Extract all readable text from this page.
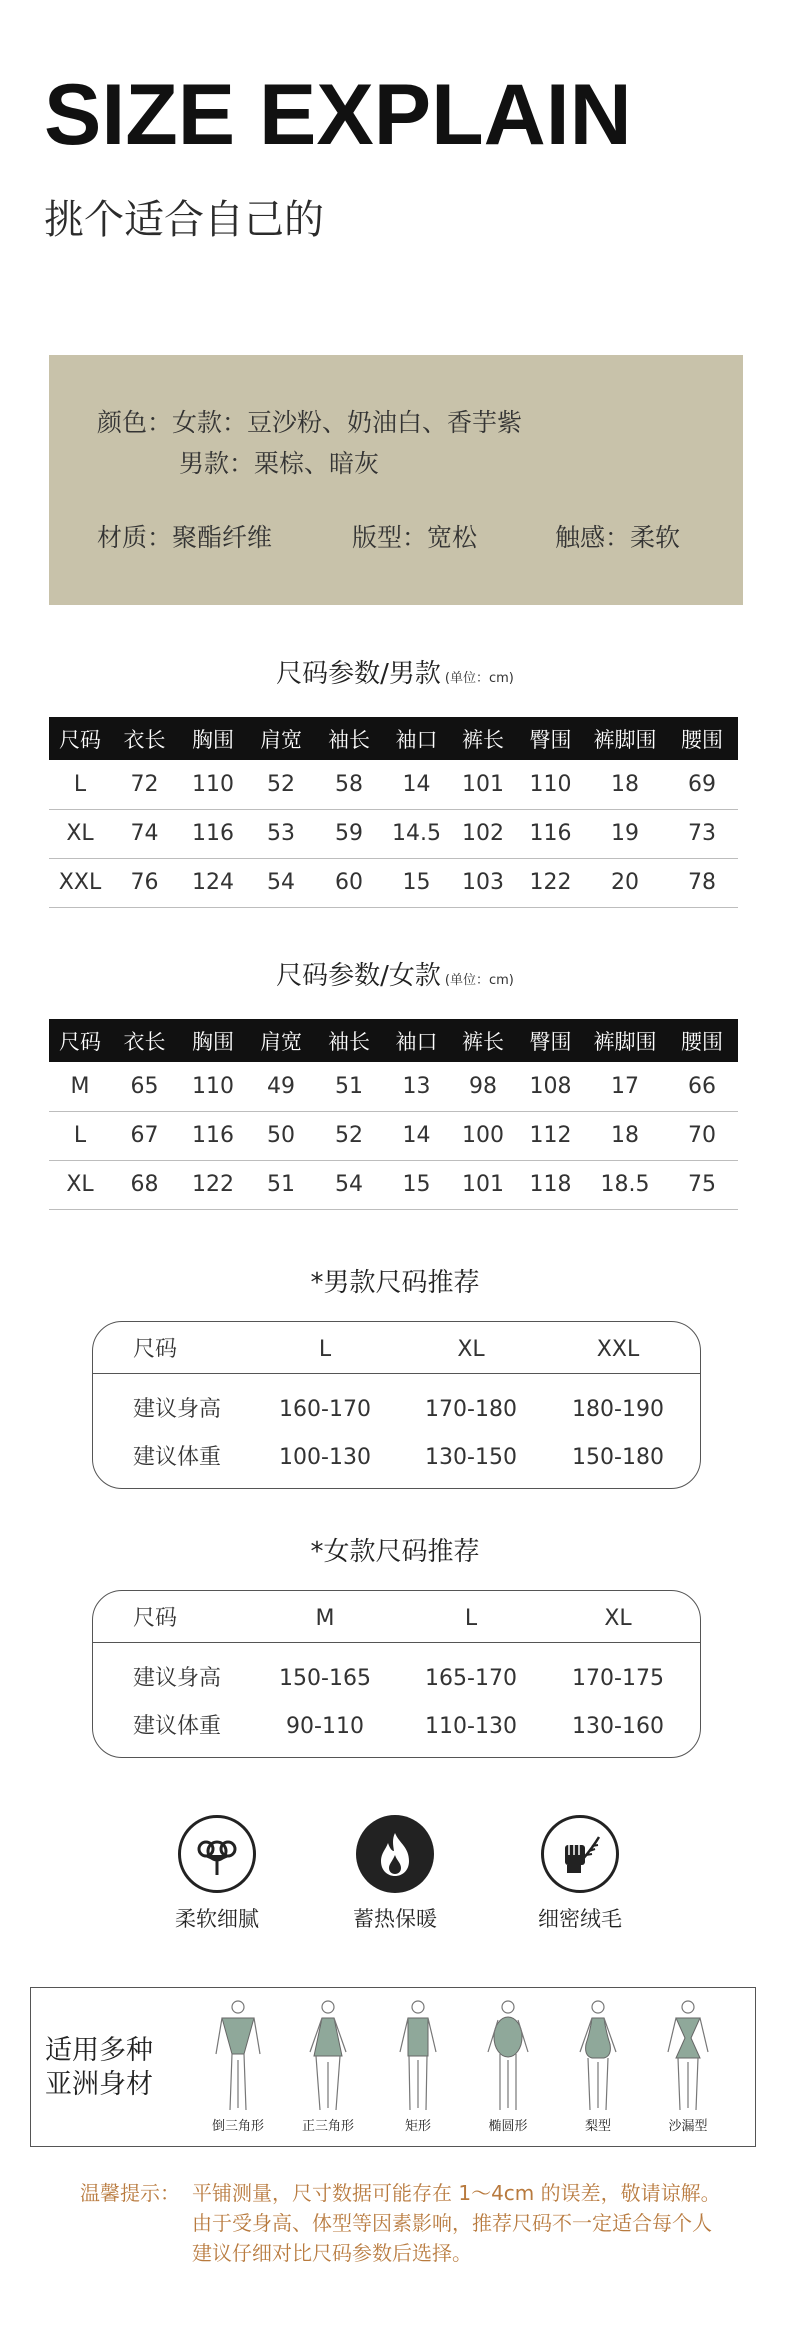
SIZE EXPLAIN
挑个适合自己的
颜色：女款：豆沙粉、奶油白、香芋紫
男款：栗棕、暗灰
材质：聚酯纤维	版型：宽松	触感：柔软
尺码参数/男款 (单位：cm)
尺码	衣长	胸围	肩宽	袖长	袖口	裤长	臀围	裤脚围	腰围
L	72	110	52	58	14	101	110	18	69
XL	74	116	53	59	14.5	102	116	19	73
XXL	76	124	54	60	15	103	122	20	78
尺码参数/女款 (单位：cm)
尺码	衣长	胸围	肩宽	袖长	袖口	裤长	臀围	裤脚围	腰围
M	65	110	49	51	13	98	108	17	66
L	67	116	50	52	14	100	112	18	70
XL	68	122	51	54	15	101	118	18.5	75
*男款尺码推荐
尺码	L	XL	XXL
建议身高	160-170	170-180	180-190
建议体重	100-130	130-150	150-180
*女款尺码推荐
尺码	M	L	XL
建议身高	150-165	165-170	170-175
建议体重	90-110	110-130	130-160
柔软细腻	蓄热保暖	细密绒毛
适用多种
亚洲身材
倒三角形	正三角形	矩形	椭圆形	梨型	沙漏型
温馨提示： 平铺测量，尺寸数据可能存在 1～4cm 的误差，敬请谅解。
由于受身高、体型等因素影响，推荐尺码不一定适合每个人
建议仔细对比尺码参数后选择。
